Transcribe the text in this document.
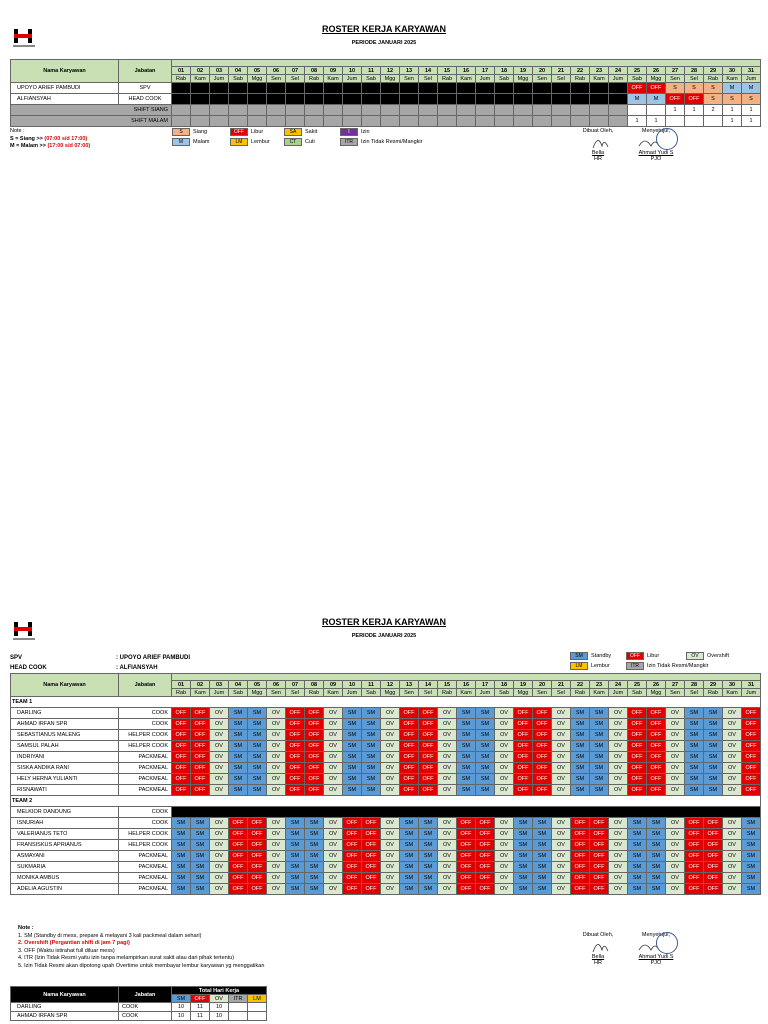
ROSTER KERJA KARYAWAN
PERIODE JANUARI 2025
Nama Karyawan	Jabatan																															
		01	02	03	04	05	06	07	08	09	10	11	12	13	14	15	16	17	18	19	20	21	22	23	24	25	26	27	28	29	30	31
		Rab	Kam	Jum	Sab	Mgg	Sen	Sel	Rab	Kam	Jum	Sab	Mgg	Sen	Sel	Rab	Kam	Jum	Sab	Mgg	Sen	Sel	Rab	Kam	Jum	Sab	Mgg	Sen	Sel	Rab	Kam	Jum
UPOYO ARIEF PAMBUDI	SPV																									OFF	OFF	S	S	S	M	M
ALFIANSYAH	HEAD COOK																									M	M	OFF	OFF	S	S	S
SHIFT SIANG																												1	1	2	1	1
SHIFT MALAM																										1	1				1	1
Note :
S = Siang >> (07:00 s/d 17:00)
M = Malam >> (17:00 s/d 07:00)
S Siang	OFF Libur	SA Sakit	I Izin
M Malam	LM Lembur	CT Cuti	ITR Izin Tidak Resmi/Mangkir
Dibuat Oleh,
Bella
HR
Menyetujui,
Ahmad Yudi S
PJO
ROSTER KERJA KARYAWAN
PERIODE JANUARI 2025
SPV	: UPOYO ARIEF PAMBUDI
HEAD COOK	: ALFIANSYAH
SM Standby	OFF Libur	OV Overshift
LM Lembur	ITR Izin Tidak Resmi/Mangkir
Nama Karyawan	Jabatan																															
		01	02	03	04	05	06	07	08	09	10	11	12	13	14	15	16	17	18	19	20	21	22	23	24	25	26	27	28	29	30	31
		Rab	Kam	Jum	Sab	Mgg	Sen	Sel	Rab	Kam	Jum	Sab	Mgg	Sen	Sel	Rab	Kam	Jum	Sab	Mgg	Sen	Sel	Rab	Kam	Jum	Sab	Mgg	Sen	Sel	Rab	Kam	Jum
TEAM 1																																
DARLING	COOK	OFF	OFF	OV	SM	SM	OV	OFF	OFF	OV	SM	SM	OV	OFF	OFF	OV	SM	SM	OV	OFF	OFF	OV	SM	SM	OV	OFF	OFF	OV	SM	SM	OV	OFF
AHMAD IRFAN SPR	COOK	OFF	OFF	OV	SM	SM	OV	OFF	OFF	OV	SM	SM	OV	OFF	OFF	OV	SM	SM	OV	OFF	OFF	OV	SM	SM	OV	OFF	OFF	OV	SM	SM	OV	OFF
SEBASTIANUS MALENG	HELPER COOK	OFF	OFF	OV	SM	SM	OV	OFF	OFF	OV	SM	SM	OV	OFF	OFF	OV	SM	SM	OV	OFF	OFF	OV	SM	SM	OV	OFF	OFF	OV	SM	SM	OV	OFF
SAMSUL PALAH	HELPER COOK	OFF	OFF	OV	SM	SM	OV	OFF	OFF	OV	SM	SM	OV	OFF	OFF	OV	SM	SM	OV	OFF	OFF	OV	SM	SM	OV	OFF	OFF	OV	SM	SM	OV	OFF
INDRIYANI	PACKMEAL	OFF	OFF	OV	SM	SM	OV	OFF	OFF	OV	SM	SM	OV	OFF	OFF	OV	SM	SM	OV	OFF	OFF	OV	SM	SM	OV	OFF	OFF	OV	SM	SM	OV	OFF
SISKA ANDIKA RANI	PACKMEAL	OFF	OFF	OV	SM	SM	OV	OFF	OFF	OV	SM	SM	OV	OFF	OFF	OV	SM	SM	OV	OFF	OFF	OV	SM	SM	OV	OFF	OFF	OV	SM	SM	OV	OFF
HELY HERNA YULIANTI	PACKMEAL	OFF	OFF	OV	SM	SM	OV	OFF	OFF	OV	SM	SM	OV	OFF	OFF	OV	SM	SM	OV	OFF	OFF	OV	SM	SM	OV	OFF	OFF	OV	SM	SM	OV	OFF
RISNAWATI	PACKMEAL	OFF	OFF	OV	SM	SM	OV	OFF	OFF	OV	SM	SM	OV	OFF	OFF	OV	SM	SM	OV	OFF	OFF	OV	SM	SM	OV	OFF	OFF	OV	SM	SM	OV	OFF
TEAM 2																																
MELKIOR DANDUNG	COOK																															
ISNURIAH	COOK	SM	SM	OV	OFF	OFF	OV	SM	SM	OV	OFF	OFF	OV	SM	SM	OV	OFF	OFF	OV	SM	SM	OV	OFF	OFF	OV	SM	SM	OV	OFF	OFF	OV	SM
VALERIANUS TETO	HELPER COOK	SM	SM	OV	OFF	OFF	OV	SM	SM	OV	OFF	OFF	OV	SM	SM	OV	OFF	OFF	OV	SM	SM	OV	OFF	OFF	OV	SM	SM	OV	OFF	OFF	OV	SM
FRANSISKUS APRIANUS	HELPER COOK	SM	SM	OV	OFF	OFF	OV	SM	SM	OV	OFF	OFF	OV	SM	SM	OV	OFF	OFF	OV	SM	SM	OV	OFF	OFF	OV	SM	SM	OV	OFF	OFF	OV	SM
ASMAYANI	PACKMEAL	SM	SM	OV	OFF	OFF	OV	SM	SM	OV	OFF	OFF	OV	SM	SM	OV	OFF	OFF	OV	SM	SM	OV	OFF	OFF	OV	SM	SM	OV	OFF	OFF	OV	SM
SUKMARIA	PACKMEAL	SM	SM	OV	OFF	OFF	OV	SM	SM	OV	OFF	OFF	OV	SM	SM	OV	OFF	OFF	OV	SM	SM	OV	OFF	OFF	OV	SM	SM	OV	OFF	OFF	OV	SM
MONIKA AMBUS	PACKMEAL	SM	SM	OV	OFF	OFF	OV	SM	SM	OV	OFF	OFF	OV	SM	SM	OV	OFF	OFF	OV	SM	SM	OV	OFF	OFF	OV	SM	SM	OV	OFF	OFF	OV	SM
ADELIA AGUSTIN	PACKMEAL	SM	SM	OV	OFF	OFF	OV	SM	SM	OV	OFF	OFF	OV	SM	SM	OV	OFF	OFF	OV	SM	SM	OV	OFF	OFF	OV	SM	SM	OV	OFF	OFF	OV	SM
Note :
1. SM (Standby di mess, prepare & melayani 3 kali packmeal dalam sehari)
2. Overshift (Pergantian shift di jam 7 pagi)
3. OFF (Waktu istirahat full diluar mess)
4. ITR (Izin Tidak Resmi yaitu izin tanpa melampirkan surat sakit atau dari pihak tertentu)
5. Izin Tidak Resmi akan dipotong upah Overtime untuk membayar lembur karyawan yg menggatikan
Dibuat Oleh,
Bella
HR
Menyetujui,
Ahmad Yudi S
PJO
Nama Karyawan	Jabatan	Total Hari Kerja				
		SM	OFF	OV	ITR	LM
DARLING	COOK	10	11	10		
AHMAD IRFAN SPR	COOK	10	11	10		
